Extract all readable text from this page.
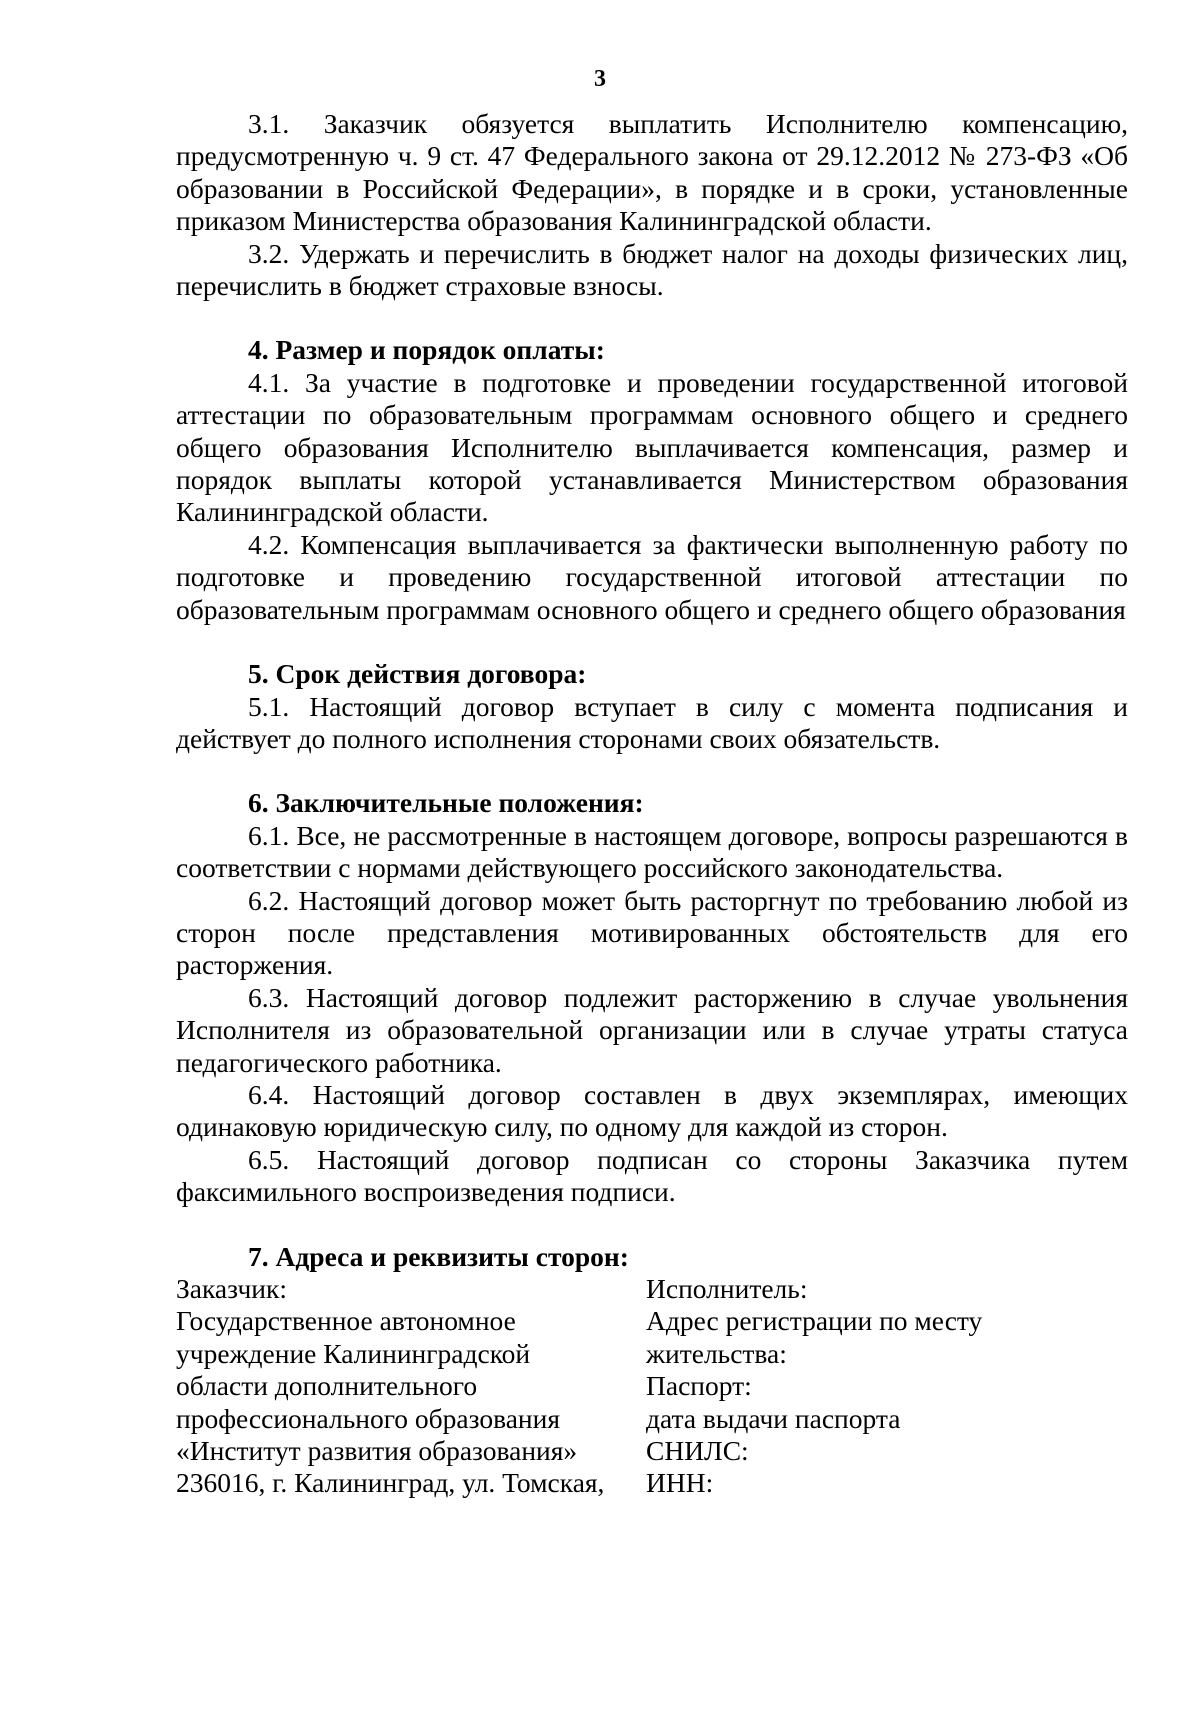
3

3.1. Заказчик обязуется выплатить Исполнителю компенсацию, предусмотренную ч. 9 ст. 47 Федерального закона от 29.12.2012 № 273-ФЗ «Об образовании в Российской Федерации», в порядке и в сроки, установленные приказом Министерства образования Калининградской области.

3.2. Удержать и перечислить в бюджет налог на доходы физических лиц, перечислить в бюджет страховые взносы.

4. Размер и порядок оплаты:

4.1. За участие в подготовке и проведении государственной итоговой аттестации по образовательным программам основного общего и среднего общего образования Исполнителю выплачивается компенсация, размер и порядок выплаты которой устанавливается Министерством образования Калининградской области.

4.2. Компенсация выплачивается за фактически выполненную работу по подготовке и проведению государственной итоговой аттестации по образовательным программам основного общего и среднего общего образования

5. Срок действия договора:

5.1. Настоящий договор вступает в силу с момента подписания и действует до полного исполнения сторонами своих обязательств.

6. Заключительные положения:

6.1. Все, не рассмотренные в настоящем договоре, вопросы разрешаются в соответствии с нормами действующего российского законодательства.

6.2. Настоящий договор может быть расторгнут по требованию любой из сторон после представления мотивированных обстоятельств для его расторжения.

6.3. Настоящий договор подлежит расторжению в случае увольнения Исполнителя из образовательной организации или в случае утраты статуса педагогического работника.

6.4. Настоящий договор составлен в двух экземплярах, имеющих одинаковую юридическую силу, по одному для каждой из сторон.

6.5. Настоящий договор подписан со стороны Заказчика путем факсимильного воспроизведения подписи.

7. Адреса и реквизиты сторон:

Заказчик:
Государственное автономное
учреждение Калининградской
области дополнительного
профессионального образования
«Институт развития образования»
236016, г. Калининград, ул. Томская,
Исполнитель:
Адрес регистрации по месту
жительства:
Паспорт:
дата выдачи паспорта
СНИЛС:
ИНН:
